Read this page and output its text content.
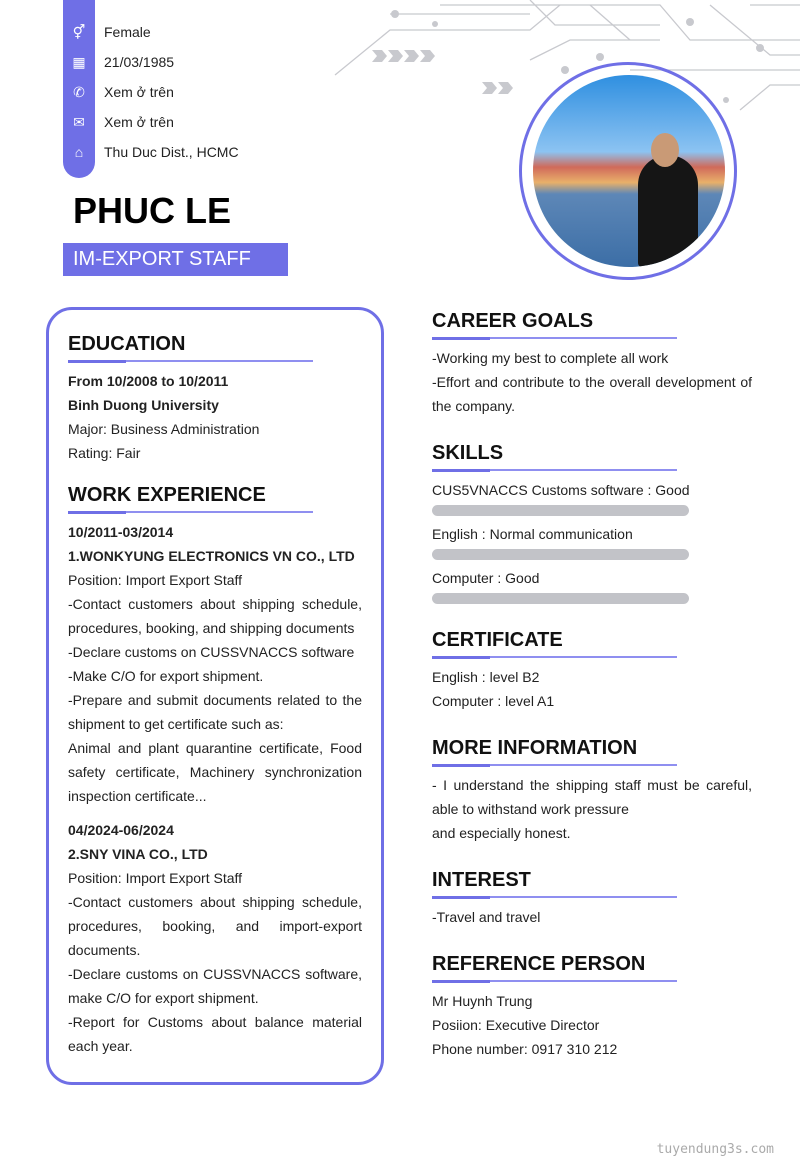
⚥ Female
▦ 21/03/1985
✆ Xem ở trên
✉ Xem ở trên
⌂	Thu Duc Dist., HCMC
PHUC LE
IM-EXPORT STAFF
EDUCATION
From 10/2008 to 10/2011
Binh Duong University
Major: Business Administration
Rating: Fair
WORK EXPERIENCE
10/2011-03/2014
1.WONKYUNG ELECTRONICS VN CO., LTD
Position: Import Export Staff
-Contact customers about shipping schedule, procedures, booking, and shipping documents
-Declare customs on CUSSVNACCS software
-Make C/O for export shipment.
-Prepare and submit documents related to the shipment to get certificate such as:
Animal and plant quarantine certificate, Food safety certificate, Machinery synchronization inspection certificate...
04/2024-06/2024
2.SNY VINA CO., LTD
Position: Import Export Staff
-Contact customers about shipping schedule, procedures, booking, and import-export documents.
-Declare customs on CUSSVNACCS software, make C/O for export shipment.
-Report for Customs about balance material each year.
CAREER GOALS
-Working my best to complete all work
-Effort and contribute to the overall development of the company.
SKILLS
CUS5VNACCS Customs software : Good
English : Normal communication
Computer : Good
CERTIFICATE
English : level B2
Computer : level A1
MORE INFORMATION
- I understand the shipping staff must be careful, able to withstand work pressure
and especially honest.
INTEREST
-Travel and travel
REFERENCE PERSON
Mr Huynh Trung
Posiion: Executive Director
Phone number: 0917 310 212
tuyendung3s.com
